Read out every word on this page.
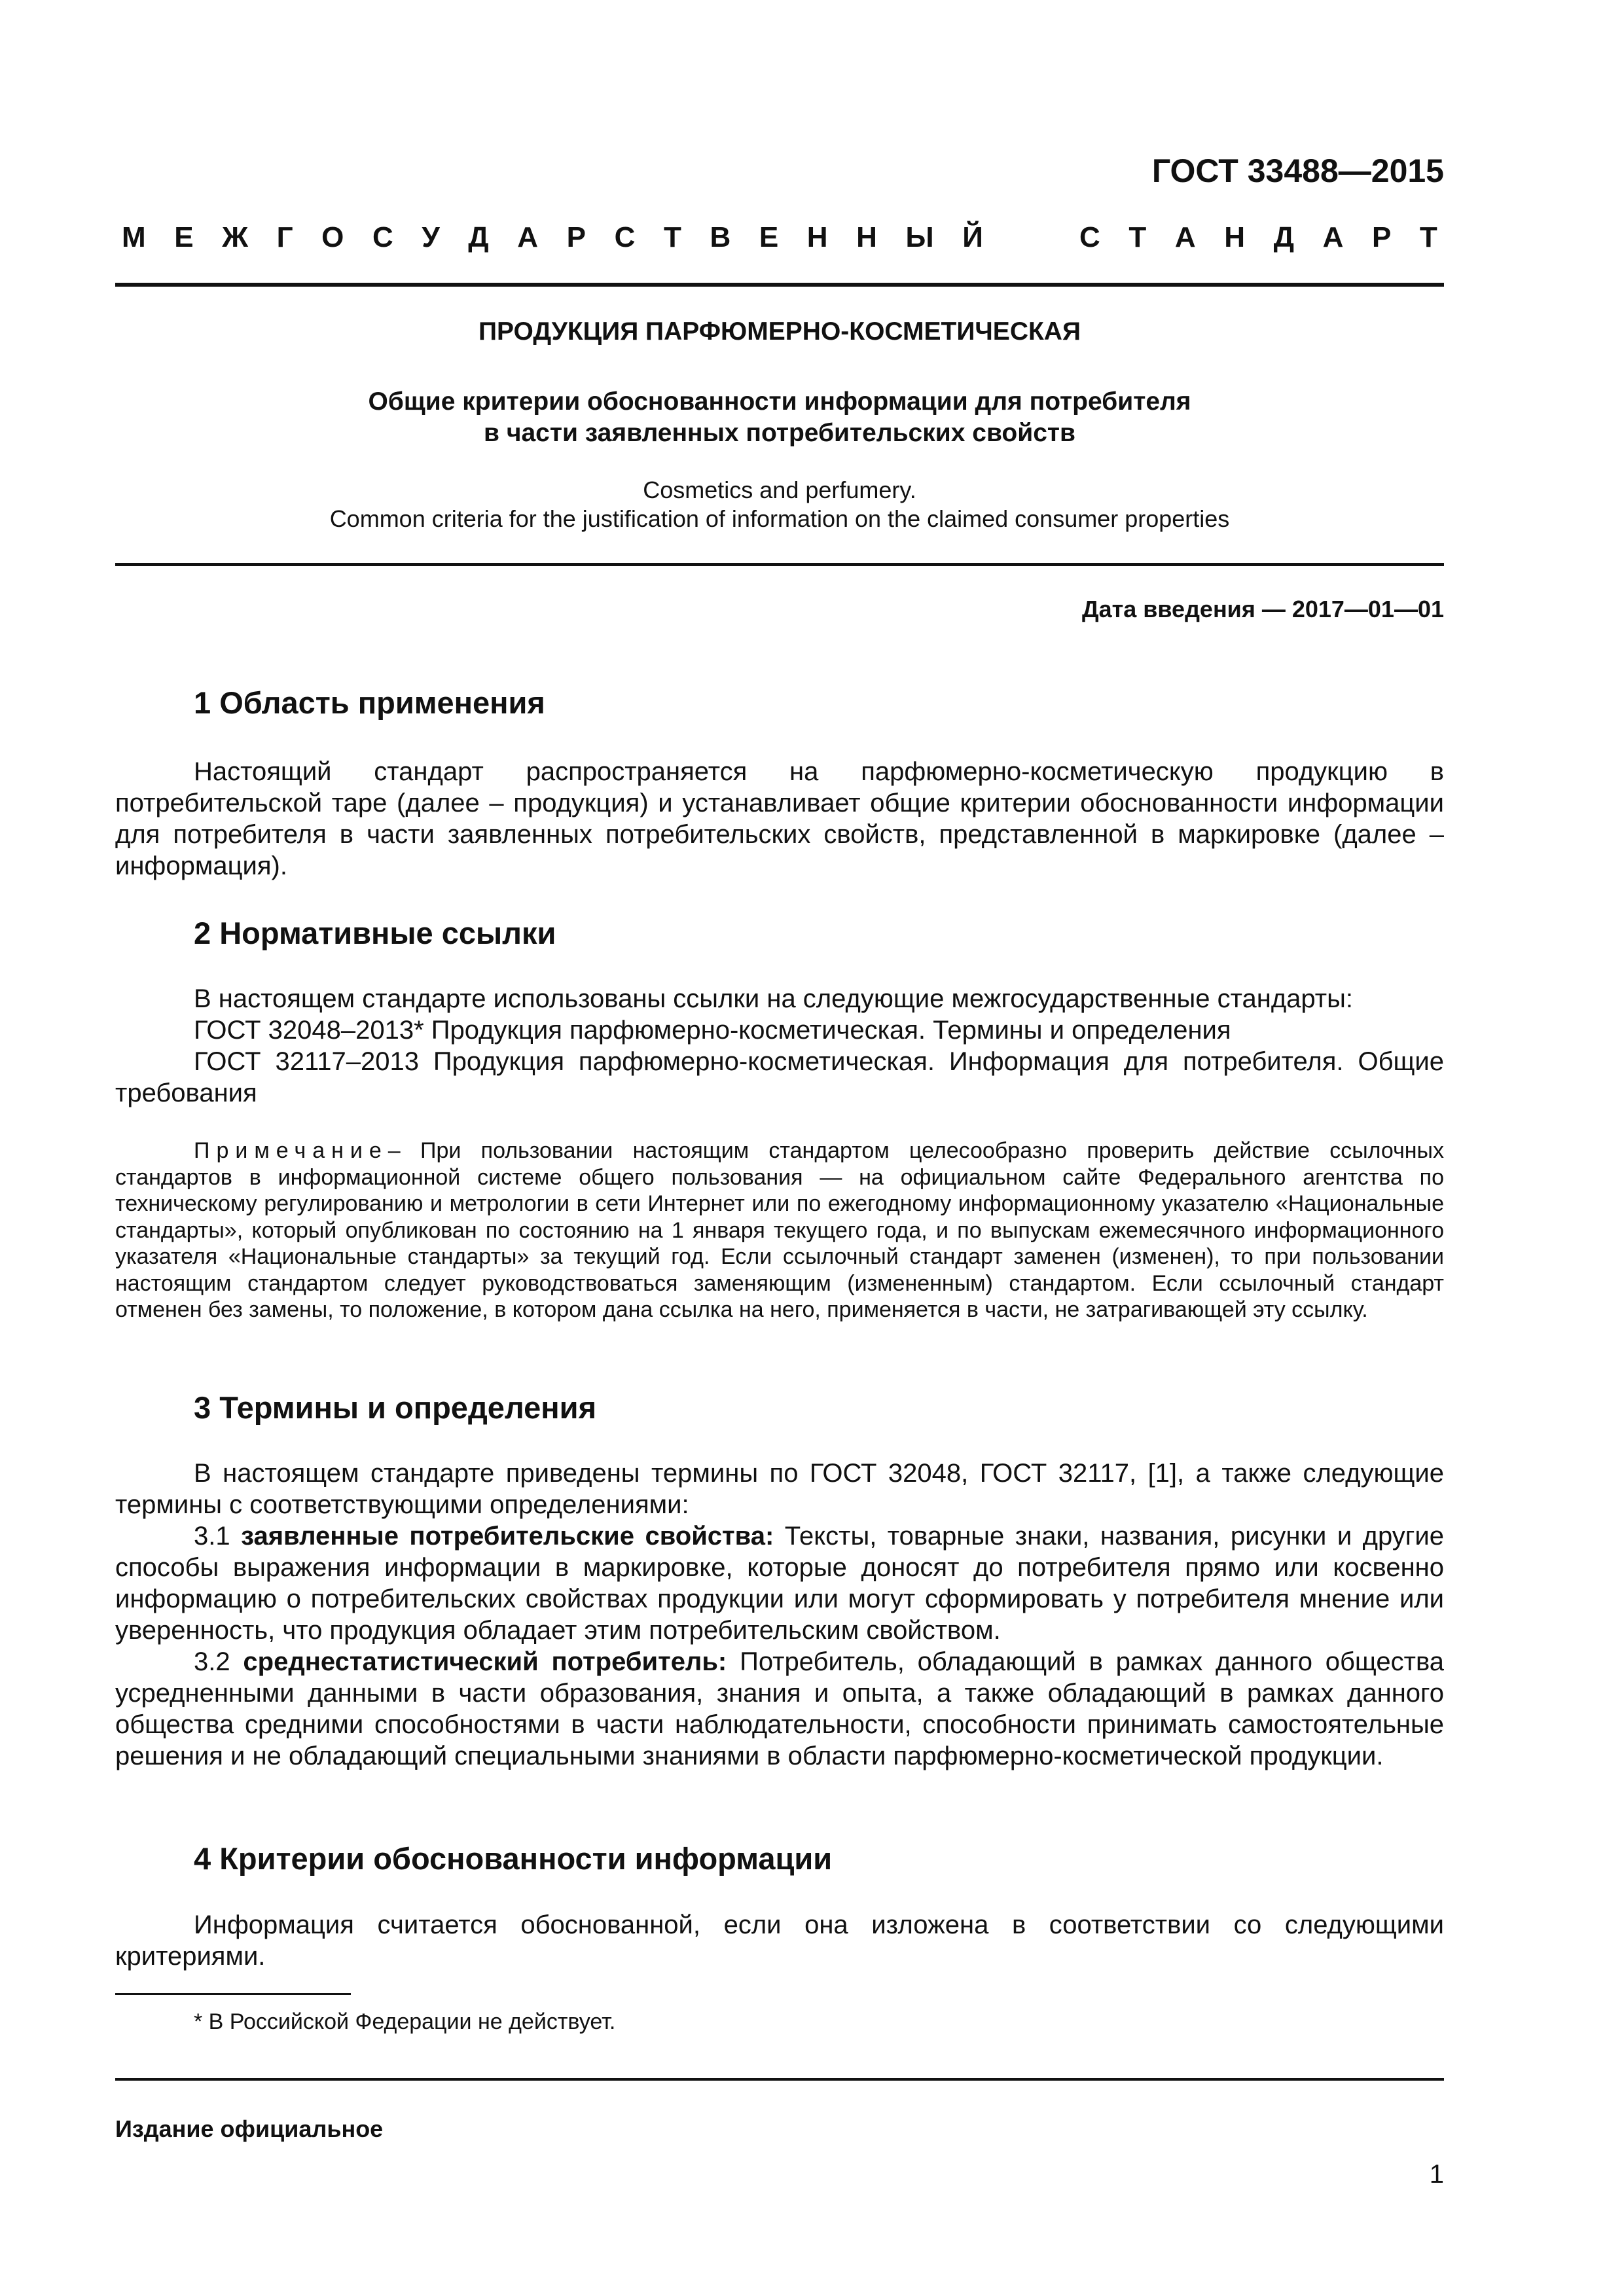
ГОСТ 33488—2015
М Е Ж Г О С У Д А Р С Т В Е Н Н Ы Й	С Т А Н Д А Р Т
ПРОДУКЦИЯ ПАРФЮМЕРНО-КОСМЕТИЧЕСКАЯ
Общие критерии обоснованности информации для потребителя
в части заявленных потребительских свойств
Cosmetics and perfumery.
Common criteria for the justification of information on the claimed consumer properties
Дата введения — 2017—01—01
1 Область применения

Настоящий стандарт распространяется на парфюмерно-косметическую продукцию в потребительской таре (далее – продукция) и устанавливает общие критерии обоснованности информации для потребителя в части заявленных потребительских свойств, представленной в маркировке (далее – информация).

2 Нормативные ссылки

В настоящем стандарте использованы ссылки на следующие межгосударственные стандарты:

ГОСТ 32048–2013* Продукция парфюмерно-косметическая. Термины и определения

ГОСТ 32117–2013 Продукция парфюмерно-косметическая. Информация для потребителя. Общие требования

Примечание– При пользовании настоящим стандартом целесообразно проверить действие ссылочных стандартов в информационной системе общего пользования — на официальном сайте Федерального агентства по техническому регулированию и метрологии в сети Интернет или по ежегодному информационному указателю «Национальные стандарты», который опубликован по состоянию на 1 января текущего года, и по выпускам ежемесячного информационного указателя «Национальные стандарты» за текущий год. Если ссылочный стандарт заменен (изменен), то при пользовании настоящим стандартом следует руководствоваться заменяющим (измененным) стандартом. Если ссылочный стандарт отменен без замены, то положение, в котором дана ссылка на него, применяется в части, не затрагивающей эту ссылку.

3 Термины и определения

В настоящем стандарте приведены термины по ГОСТ 32048, ГОСТ 32117, [1], а также следующие термины с соответствующими определениями:

3.1 заявленные потребительские свойства: Тексты, товарные знаки, названия, рисунки и другие способы выражения информации в маркировке, которые доносят до потребителя прямо или косвенно информацию о потребительских свойствах продукции или могут сформировать у потребителя мнение или уверенность, что продукция обладает этим потребительским свойством.

3.2 среднестатистический потребитель: Потребитель, обладающий в рамках данного общества усредненными данными в части образования, знания и опыта, а также обладающий в рамках данного общества средними способностями в части наблюдательности, способности принимать самостоятельные решения и не обладающий специальными знаниями в области парфюмерно-косметической продукции.

4 Критерии обоснованности информации

Информация считается обоснованной, если она изложена в соответствии со следующими критериями.

* В Российской Федерации не действует.
Издание официальное
1
